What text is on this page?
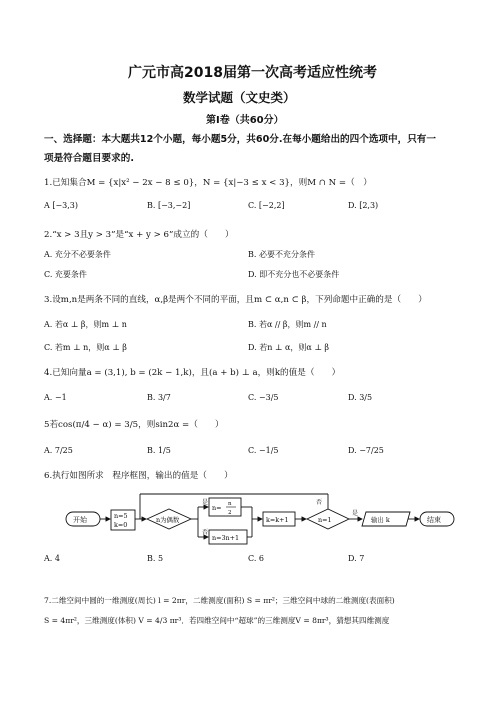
广元市高2018届第一次高考适应性统考
数学试题（文史类）
第Ⅰ卷（共60分）
一、选择题：本大题共12个小题，每小题5分，共60分.在每小题给出的四个选项中，只有一
项是符合题目要求的.
1.已知集合M = {x|x² − 2x − 8 ≤ 0}，N = {x|−3 ≤ x < 3}，则M ∩ N =（　）
A [−3,3)	B. [−3,−2]	C. [−2,2]	D. [2,3)
2.“x > 3且y > 3”是“x + y > 6”成立的（　　）
A. 充分不必要条件	B. 必要不充分条件
C. 充要条件	D. 即不充分也不必要条件
3.设m,n是两条不同的直线，α,β是两个不同的平面，且m ⊂ α,n ⊂ β，下列命题中正确的是（　　）
A. 若α ⊥ β，则m ⊥ n	B. 若α // β，则m // n
C. 若m ⊥ n，则α ⊥ β	D. 若n ⊥ α，则α ⊥ β
4.已知向量a = (3,1), b = (2k − 1,k)，且(a + b) ⊥ a，则k的值是（　　）
A. −1	B. 3/7	C. −3/5	D. 3/5
5若cos(π/4 − α) = 3/5，则sin2α =（　　）
A. 7/25	B. 1/5	C. −1/5	D. −7/25
6.执行如图所求　程序框图，输出的值是（　　）
开始	n=5
k=0
n为偶数
是
否
n= n
2
n=3n+1
k=k+1	n=1
否
是
输出 k	结束
A. 4	B. 5	C. 6	D. 7
7.二维空间中圆的一维测度(周长) l = 2πr，二维测度(面积) S = πr²；三维空间中球的二维测度(表面积)
S = 4πr²，三维测度(体积) V = 4/3 πr³．若四维空间中“超球”的三维测度V = 8πr³，猜想其四维测度
